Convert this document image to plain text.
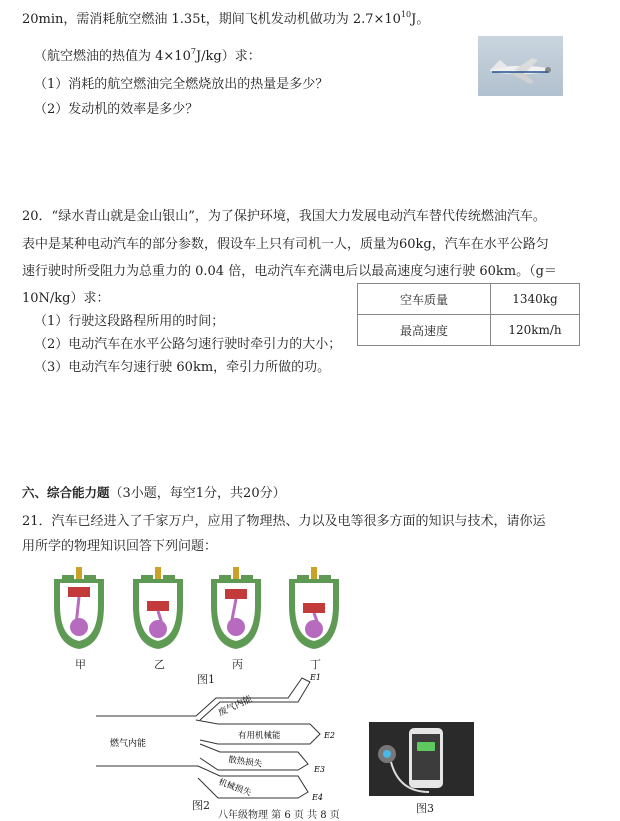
20min，需消耗航空燃油 1.35t，期间飞机发动机做功为 $2.7\times 10^{10}J$。
（航空燃油的热值为 $4\times 10^7J/kg$）求：
（1）消耗的航空燃油完全燃烧放出的热量是多少？
（2）发动机的效率是多少？
20．“绿水青山就是金山银山”，为了保护环境，我国大力发展电动汽车替代传统燃油汽车。
表中是某种电动汽车的部分参数，假设车上只有司机一人，质量为60kg，汽车在水平公路匀
速行驶时所受阻力为总重力的 0.04 倍，电动汽车充满电后以最高速度匀速行驶 60km。（g＝
10N/kg）求：
（1）行驶这段路程所用的时间；
（2）电动汽车在水平公路匀速行驶时牵引力的大小；
（3）电动汽车匀速行驶 60km，牵引力所做的功。
空车质量	1340kg
最高速度	120km/h
六、综合能力题（3小题，每空1分，共20分）
21．汽车已经进入了千家万户，应用了物理热、力以及电等很多方面的知识与技术，请你运
用所学的物理知识回答下列问题：
甲	乙	丙	丁
图1
燃气内能
废气内能
有用机械能
散热损失
机械损失
E1
E2
E3
E4
图2	图3
八年级物理 第 6 页 共 8 页
